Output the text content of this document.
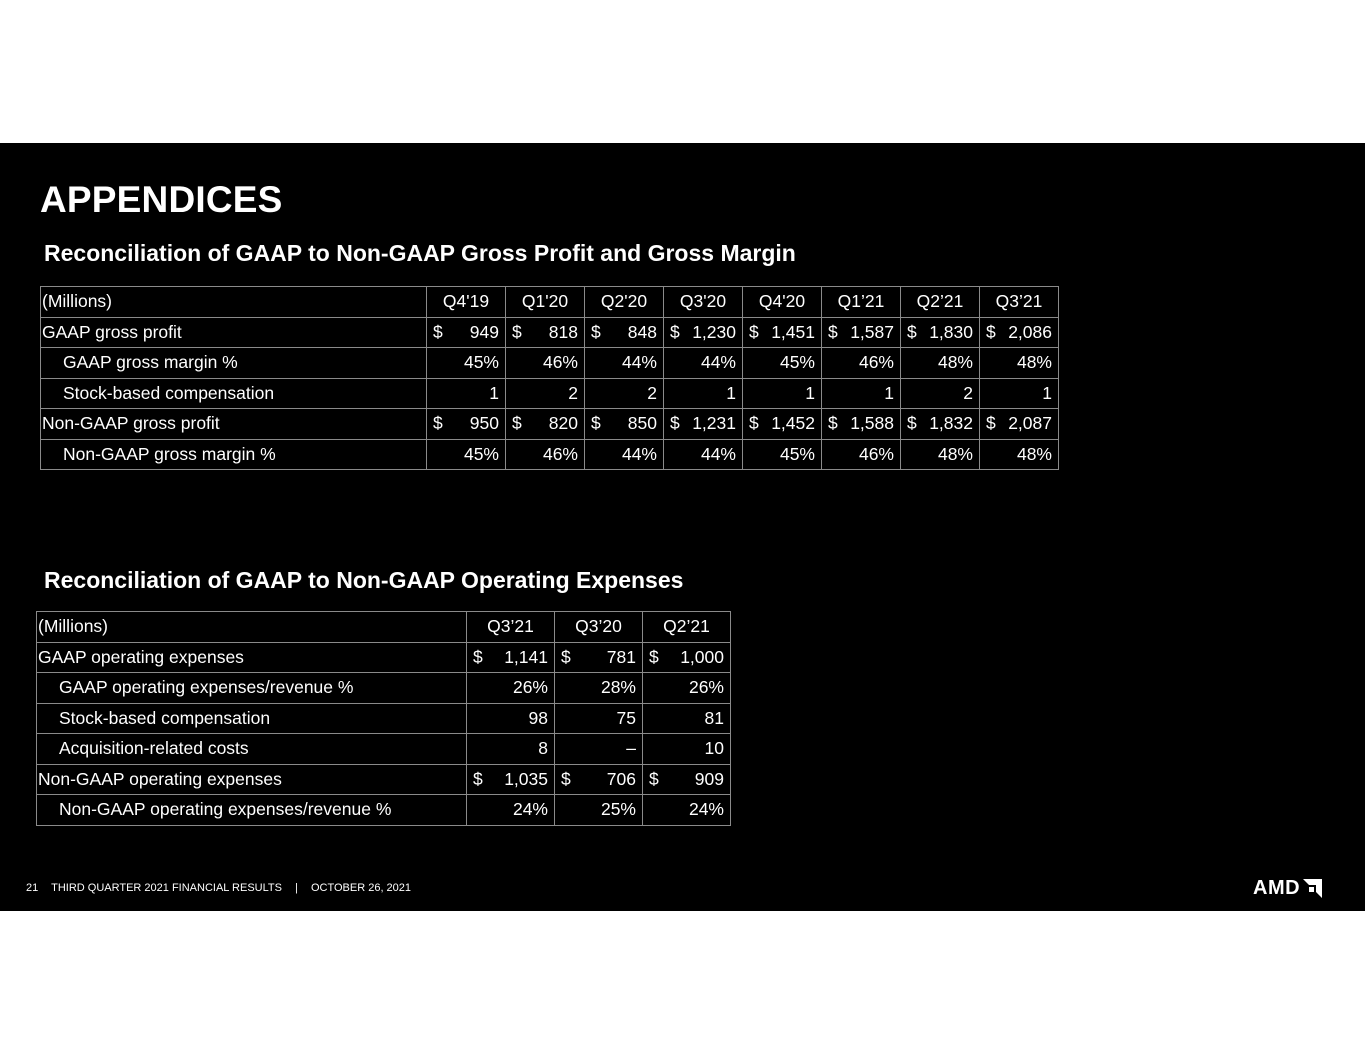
APPENDICES
Reconciliation of GAAP to Non-GAAP Gross Profit and Gross Margin
(Millions)	Q4'19	Q1'20	Q2'20	Q3'20	Q4'20	Q1’21	Q2’21	Q3’21
GAAP gross profit	$ 949	$ 818	$ 848	$ 1,230	$ 1,451	$ 1,587	$ 1,830	$ 2,086
GAAP gross margin %	45%	46%	44%	44%	45%	46%	48%	48%
Stock-based compensation	1	2	2	1	1	1	2	1
Non-GAAP gross profit	$ 950	$ 820	$ 850	$ 1,231	$ 1,452	$ 1,588	$ 1,832	$ 2,087
Non-GAAP gross margin %	45%	46%	44%	44%	45%	46%	48%	48%
Reconciliation of GAAP to Non-GAAP Operating Expenses
(Millions)	Q3’21	Q3’20	Q2’21
GAAP operating expenses	$ 1,141	$ 781	$ 1,000
GAAP operating expenses/revenue %	26%	28%	26%
Stock-based compensation	98	75	81
Acquisition-related costs	8	–	10
Non-GAAP operating expenses	$ 1,035	$ 706	$ 909
Non-GAAP operating expenses/revenue %	24%	25%	24%
21 THIRD QUARTER 2021 FINANCIAL RESULTS | OCTOBER 26, 2021	AMD
